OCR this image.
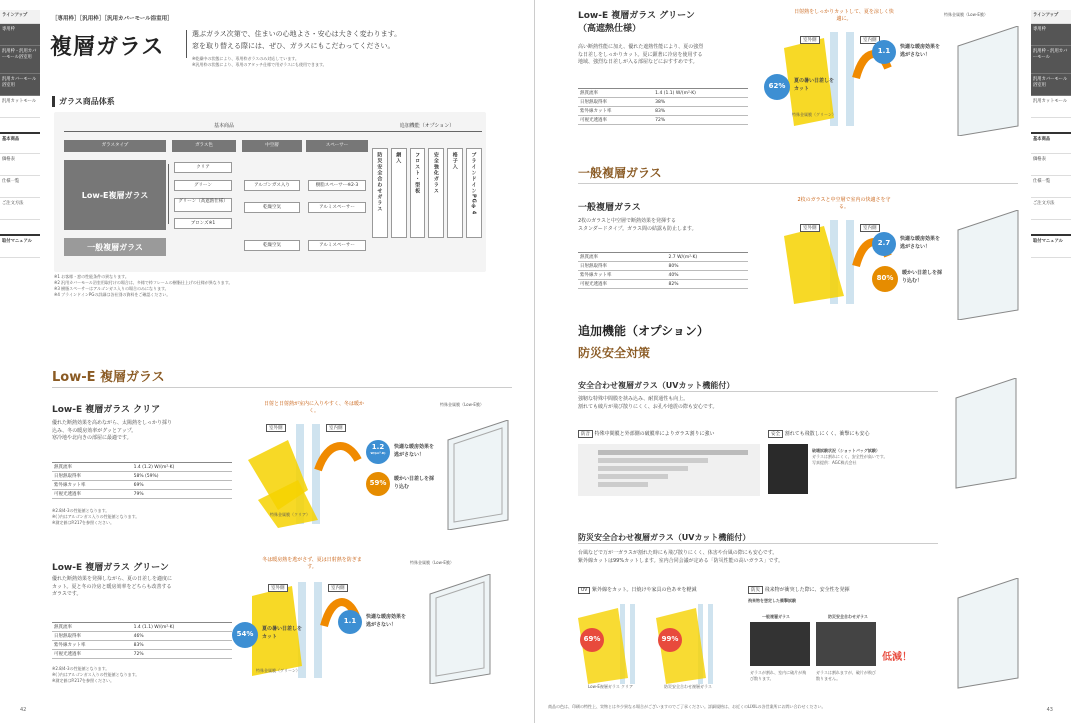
ラインアップ
専用枠
汎用枠・汎用カバーモール浴室用
汎用カバーモール浴室用
汎用カットモール
基本商品
価格表
仕様一覧
ご注文方法
取付マニュアル
［専用枠］［汎用枠］［汎用カバーモール浴室用］
複層ガラス
選ぶガラス次第で、住まいの心地よさ・安心は大きく変わります。
窓を取り替える際には、ぜひ、ガラスにもこだわってください。
※乾燥中の状態により、専用枠ガラスのみ対応しています。
※汎用枠の状態により、専用のアタッチ仕様で用ガラスにも使用できます。
ガラス商品体系
基本商品	追加機能（オプション）
ガラスタイプ	ガラス色	中空層	スペーサー
Low-E複層ガラス
一般複層ガラス
クリア
グリーン
グリーン（高遮熱仕様）
ブロンズ※1
アルゴンガス入り
乾燥空気
乾燥空気
樹脂スペーサー※2·3
アルミスペーサー
アルミスペーサー
防災安全合わせガラス	網入	フロスト・型板	安全強化ガラス	格子入	ブラインドインPG※4
※1 お客様・窓の性能条件の異なります。
※2 汎用カバーモール浴室用取付けの場合は、多様で枠フレームの樹脂仕上げの仕様が異なります。
※3 樹脂スペーサーはアルゴンガス入りの場合のみになります。
※4 ブラインドインPGの詳細は各社別の資料をご確認ください。
Low-E 複層ガラス
Low-E 複層ガラス クリア
優れた断熱効果を高めながら、太陽熱をしっかり採り
込み、冬の暖房効率がグッとアップ。
寒冷地や北向きの部屋に最適です。
熱貫流率	1.4 (1.2) W/(m²·K)
日射熱取得率	58% (59%)
紫外線カット率	69%
可視光透過率	79%
※2.8/4-3の性能値となります。
※( )内はアルゴンガス入りの性能値となります。
※測定値はP.217を参照ください。
日射と日射熱が室内に入りやすく、冬は暖かく。
室外側	室内側
特殊金属膜（クリア）
1.2
W/(m²·K)
快適な暖房効果を逃がさない！
59%	暖かい日差しを採り込む
特殊金属膜（Low-E膜）
Low-E 複層ガラス グリーン
優れた断熱効果を発揮しながら、夏の日差しを適度に
カット。夏と冬の冷房と暖房効率をどちらも改善する
ガラスです。
熱貫流率	1.4 (1.1) W/(m²·K)
日射熱取得率	46%
紫外線カット率	83%
可視光透過率	72%
※2.8/4-3の性能値となります。
※( )内はアルゴンガス入りの性能値となります。
※測定値はP.217を参照ください。
冬は暖房熱を逃がさず、夏は日射熱を防ぎます。
室外側	室内側
特殊金属膜（グリーン）
54%
夏の暑い日差しをカット
1.1	快適な暖房効果を逃がさない！
特殊金属膜（Low-E膜）
42
ラインアップ
専用枠
汎用枠・汎用カバーモール
汎用カバーモール浴室用
汎用カットモール
基本商品
価格表
仕様一覧
ご注文方法
取付マニュアル
Low-E 複層ガラス グリーン
（高遮熱仕様）
高い断熱性能に加え、優れた遮熱性能により、夏の強烈
な日差しをしっかりカット。夏に顕著に冷房を使用する
地域、強烈な日差しが入る部屋などにおすすめです。
熱貫流率	1.4 (1.1) W/(m²·K)
日射熱取得率	38%
紫外線カット率	83%
可視光透過率	72%
日射熱をしっかりカットして、夏を涼しく快適に。
室外側	室内側
特殊金属膜（グリーン）
62%
夏の暑い日差しをカット
1.1	快適な暖房効果を逃がさない！
特殊金属膜（Low-E膜）
一般複層ガラス
一般複層ガラス
2枚のガラスと中空層で断熱効果を発揮する
スタンダードタイプ。ガラス間の結露も防止します。
熱貫流率	2.7 W/(m²·K)
日射熱取得率	80%
紫外線カット率	40%
可視光透過率	82%
2枚のガラスと中空層で室内の快適さを守る。
室外側	室内側
2.7	快適な暖房効果を逃がさない！
80%
暖かい日差しを採り込む！
追加機能（オプション）
防災安全対策
安全合わせ複層ガラス（UVカット機能付）
強靭な特殊中間膜を挟み込み、耐貫通性も向上。
割れても破片が飛び散りにくく、お孔や地震の際も安心です。
防音 特殊中間膜と外部側の破膜率によりガラス割りに強い	安全 割れても飛散しにくく、衝撃にも安心
破壊試験状況（ショットバッグ試験）
ガラスは割れにくく、安全性が高いです。
写真提供：AGC株式会社
防災安全合わせ複層ガラス（UVカット機能付）
台風などで万が一ガラスが割れた時にも飛び散りにくく、体害や台風の際にも安心です。
紫外線カットは99%カットします。室内合同会議が定める「防災性能の高いガラス」です。
UV 紫外線をカット。日焼けや家具の色あせを軽減	防災 飛来物が衝突した際に、安全性を発揮
69%	99%
Low-E複層ガラス クリア	防災安全合わせ複層ガラス
飛来物を想定した衝撃試験
一般複層ガラス	防災安全合わせガラス
ガラスが割れ、室内に破片が飛び散ります。
ガラスは割れますが、破片が飛び散りません。
低減！
商品の色は、印刷の特性上、実物とは多少異なる場合がございますのでご了承ください。詳細規格は、お近くのLIXILの各営業所にお問い合わせください。
43
